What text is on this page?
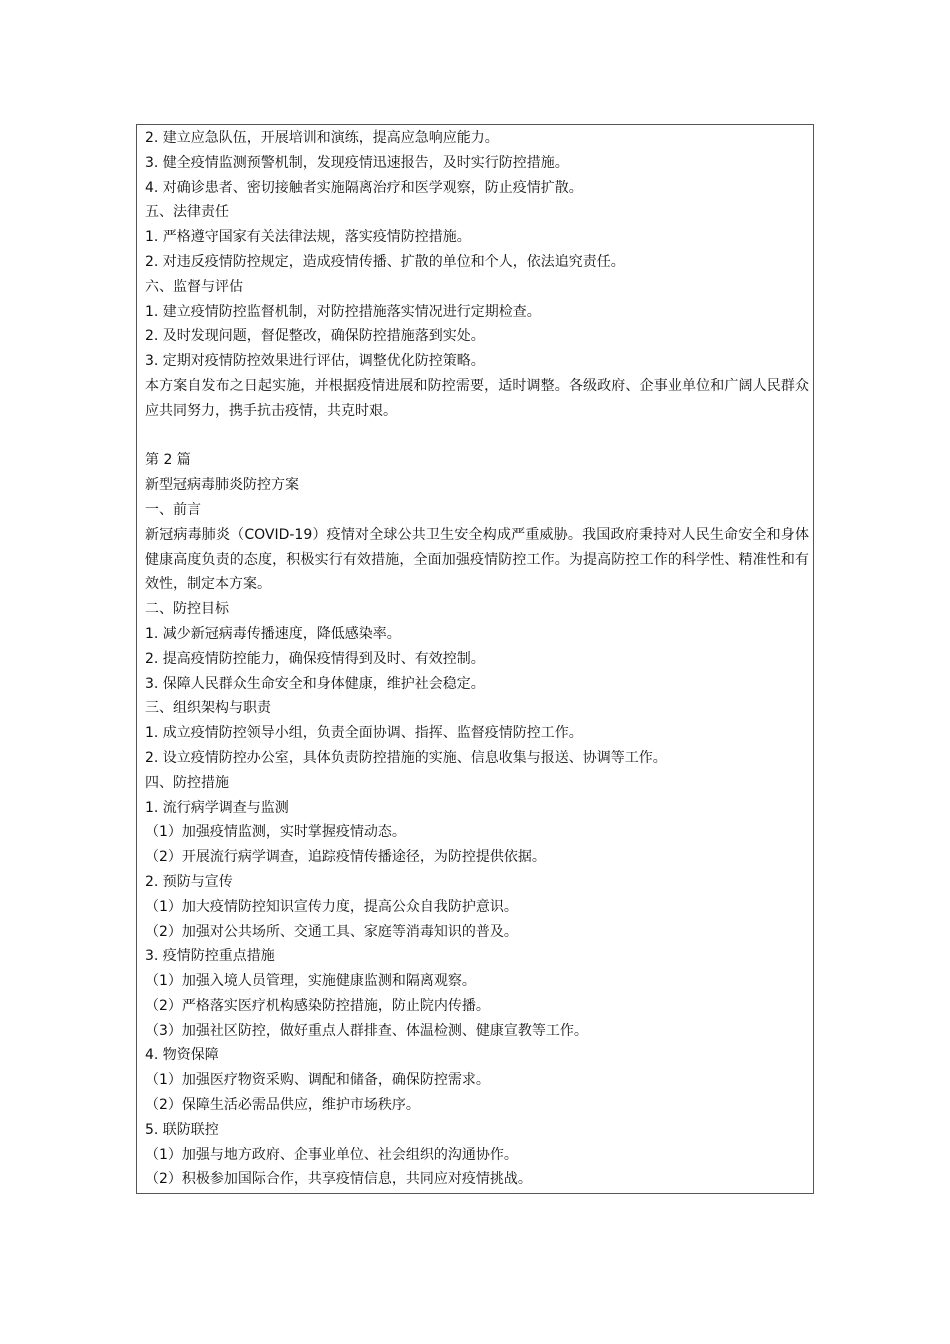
2. 建立应急队伍，开展培训和演练，提高应急响应能力。
3. 健全疫情监测预警机制，发现疫情迅速报告，及时实行防控措施。
4. 对确诊患者、密切接触者实施隔离治疗和医学观察，防止疫情扩散。
五、法律责任
1. 严格遵守国家有关法律法规，落实疫情防控措施。
2. 对违反疫情防控规定，造成疫情传播、扩散的单位和个人，依法追究责任。
六、监督与评估
1. 建立疫情防控监督机制，对防控措施落实情况进行定期检查。
2. 及时发现问题，督促整改，确保防控措施落到实处。
3. 定期对疫情防控效果进行评估，调整优化防控策略。
本方案自发布之日起实施，并根据疫情进展和防控需要，适时调整。各级政府、企事业单位和广阔人民群众应共同努力，携手抗击疫情，共克时艰。
第 2 篇
新型冠病毒肺炎防控方案
一、前言
新冠病毒肺炎（COVID-19）疫情对全球公共卫生安全构成严重威胁。我国政府秉持对人民生命安全和身体健康高度负责的态度，积极实行有效措施，全面加强疫情防控工作。为提高防控工作的科学性、精准性和有效性，制定本方案。
二、防控目标
1. 减少新冠病毒传播速度，降低感染率。
2. 提高疫情防控能力，确保疫情得到及时、有效控制。
3. 保障人民群众生命安全和身体健康，维护社会稳定。
三、组织架构与职责
1. 成立疫情防控领导小组，负责全面协调、指挥、监督疫情防控工作。
2. 设立疫情防控办公室，具体负责防控措施的实施、信息收集与报送、协调等工作。
四、防控措施
1. 流行病学调查与监测
（1）加强疫情监测，实时掌握疫情动态。
（2）开展流行病学调查，追踪疫情传播途径，为防控提供依据。
2. 预防与宣传
（1）加大疫情防控知识宣传力度，提高公众自我防护意识。
（2）加强对公共场所、交通工具、家庭等消毒知识的普及。
3. 疫情防控重点措施
（1）加强入境人员管理，实施健康监测和隔离观察。
（2）严格落实医疗机构感染防控措施，防止院内传播。
（3）加强社区防控，做好重点人群排查、体温检测、健康宣教等工作。
4. 物资保障
（1）加强医疗物资采购、调配和储备，确保防控需求。
（2）保障生活必需品供应，维护市场秩序。
5. 联防联控
（1）加强与地方政府、企事业单位、社会组织的沟通协作。
（2）积极参加国际合作，共享疫情信息，共同应对疫情挑战。
